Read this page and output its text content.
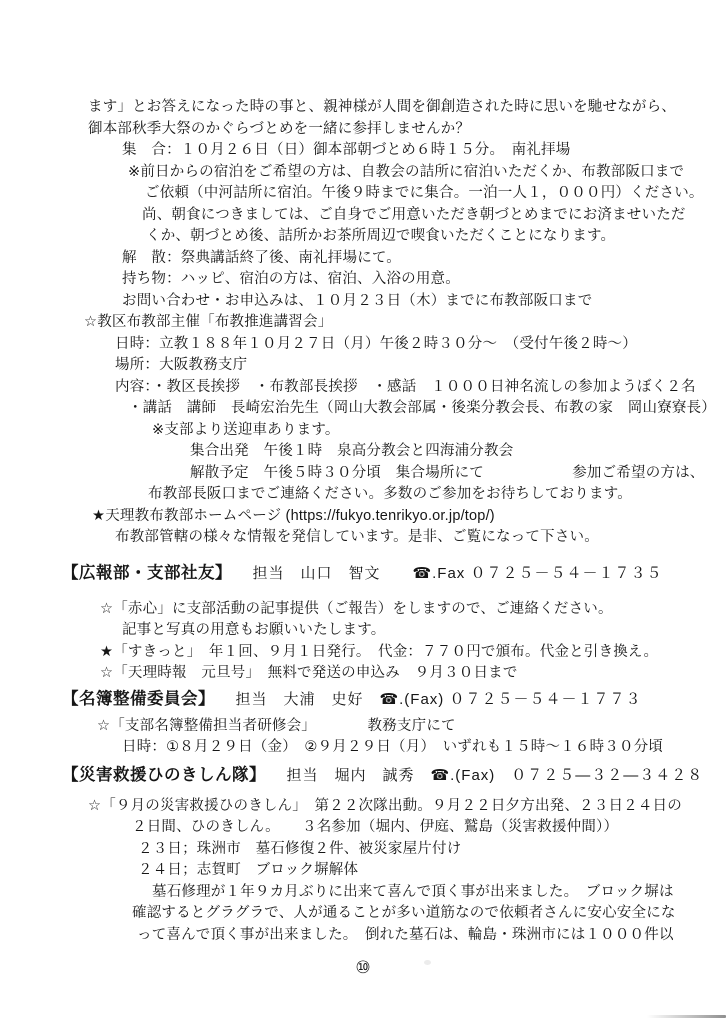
ます」とお答えになった時の事と、親神様が人間を御創造された時に思いを馳せながら、
御本部秋季大祭のかぐらづとめを一緒に参拝しませんか？
集　合：１０月２６日（日）御本部朝づとめ６時１５分。　南礼拝場
※前日からの宿泊をご希望の方は、自教会の詰所に宿泊いただくか、布教部阪口まで
ご依頼（中河詰所に宿泊。午後９時までに集合。一泊一人１，０００円）ください。
尚、朝食につきましては、ご自身でご用意いただき朝づとめまでにお済ませいただ
くか、朝づとめ後、詰所かお茶所周辺で喫食いただくことになります。
解　散：祭典講話終了後、南礼拝場にて。
持ち物：ハッピ、宿泊の方は、宿泊、入浴の用意。
お問い合わせ・お申込みは、１０月２３日（木）までに布教部阪口まで
☆教区布教部主催「布教推進講習会」
日時：立教１８８年１０月２７日（月）午後２時３０分～　（受付午後２時～）
場所：大阪教務支庁
内容：・教区長挨拶　・布教部長挨拶　・感話　１０００日神名流しの参加ようぼく２名
・講話　講師　長崎宏治先生（岡山大教会部属・後楽分教会長、布教の家　岡山寮寮長）
※支部より送迎車あります。
集合出発　午後１時　泉高分教会と四海浦分教会
解散予定　午後５時３０分頃　集合場所にて　　　　　　参加ご希望の方は、
布教部長阪口までご連絡ください。多数のご参加をお待ちしております。
★天理教布教部ホームページ (https://fukyo.tenrikyo.or.jp/top/)
布教部管轄の様々な情報を発信しています。是非、ご覧になって下さい。
【広報部・支部社友】 担当　山口　智文　　☎.Fax ０７２５－５４－１７３５
☆「赤心」に支部活動の記事提供（ご報告）をしますので、ご連絡ください。
記事と写真の用意もお願いいたします。
★「すきっと」　年１回、９月１日発行。　代金：７７０円で頒布。代金と引き換え。
☆「天理時報　元旦号」　無料で発送の申込み　９月３０日まで
【名簿整備委員会】 担当　大浦　史好　☎.(Fax) ０７２５－５４－１７７３
☆「支部名簿整備担当者研修会」　　　　教務支庁にて
日時：①８月２９日（金）　②９月２９日（月）　いずれも１５時～１６時３０分頃
【災害救援ひのきしん隊】 担当　堀内　誠秀　☎.(Fax)　０７２５―３２―３４２８
☆「９月の災害救援ひのきしん」　第２２次隊出動。９月２２日夕方出発、２３日２４日の
２日間、ひのきしん。　　３名参加（堀内、伊庭、鷲島（災害救援仲間））
２３日；珠洲市　墓石修復２件、被災家屋片付け
２４日；志賀町　ブロック塀解体
墓石修理が１年９カ月ぶりに出来て喜んで頂く事が出来ました。　ブロック塀は
確認するとグラグラで、人が通ることが多い道筋なので依頼者さんに安心安全にな
って喜んで頂く事が出来ました。　倒れた墓石は、輪島・珠洲市には１０００件以
⑩
